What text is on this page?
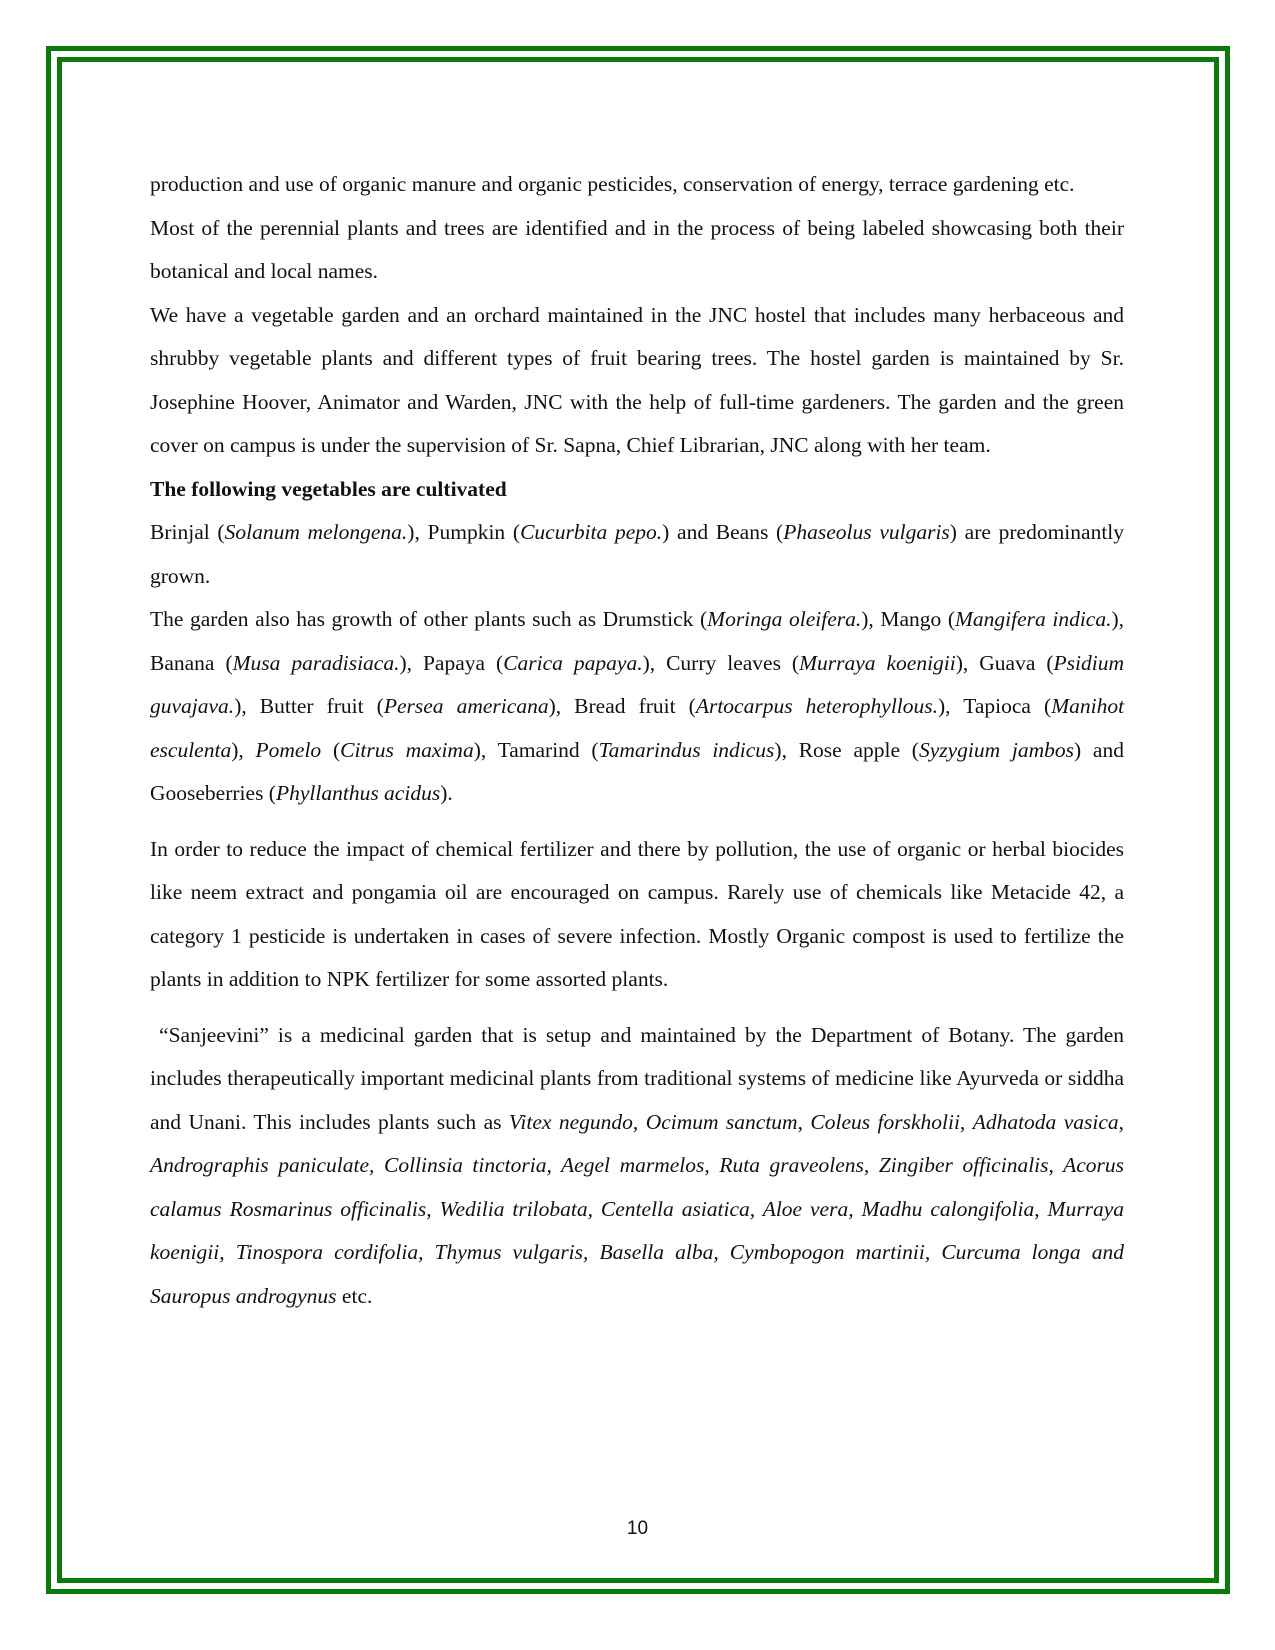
production and use of organic manure and organic pesticides, conservation of energy, terrace gardening etc.

Most of the perennial plants and trees are identified and in the process of being labeled showcasing both their botanical and local names.

We have a vegetable garden and an orchard maintained in the JNC hostel that includes many herbaceous and shrubby vegetable plants and different types of fruit bearing trees. The hostel garden is maintained by Sr. Josephine Hoover, Animator and Warden, JNC with the help of full-time gardeners. The garden and the green cover on campus is under the supervision of Sr. Sapna, Chief Librarian, JNC along with her team.

The following vegetables are cultivated

Brinjal (Solanum melongena.), Pumpkin (Cucurbita pepo.) and Beans (Phaseolus vulgaris) are predominantly grown.

The garden also has growth of other plants such as Drumstick (Moringa oleifera.), Mango (Mangifera indica.), Banana (Musa paradisiaca.), Papaya (Carica papaya.), Curry leaves (Murraya koenigii), Guava (Psidium guvajava.), Butter fruit (Persea americana), Bread fruit (Artocarpus heterophyllous.), Tapioca (Manihot esculenta), Pomelo (Citrus maxima), Tamarind (Tamarindus indicus), Rose apple (Syzygium jambos) and Gooseberries (Phyllanthus acidus).

In order to reduce the impact of chemical fertilizer and there by pollution, the use of organic or herbal biocides like neem extract and pongamia oil are encouraged on campus. Rarely use of chemicals like Metacide 42, a category 1 pesticide is undertaken in cases of severe infection. Mostly Organic compost is used to fertilize the plants in addition to NPK fertilizer for some assorted plants.

“Sanjeevini” is a medicinal garden that is setup and maintained by the Department of Botany. The garden includes therapeutically important medicinal plants from traditional systems of medicine like Ayurveda or siddha and Unani. This includes plants such as Vitex negundo, Ocimum sanctum, Coleus forskholii, Adhatoda vasica, Andrographis paniculate, Collinsia tinctoria, Aegel marmelos, Ruta graveolens, Zingiber officinalis, Acorus calamus Rosmarinus officinalis, Wedilia trilobata, Centella asiatica, Aloe vera, Madhu calongifolia, Murraya koenigii, Tinospora cordifolia, Thymus vulgaris, Basella alba, Cymbopogon martinii, Curcuma longa and Sauropus androgynus etc.

10
